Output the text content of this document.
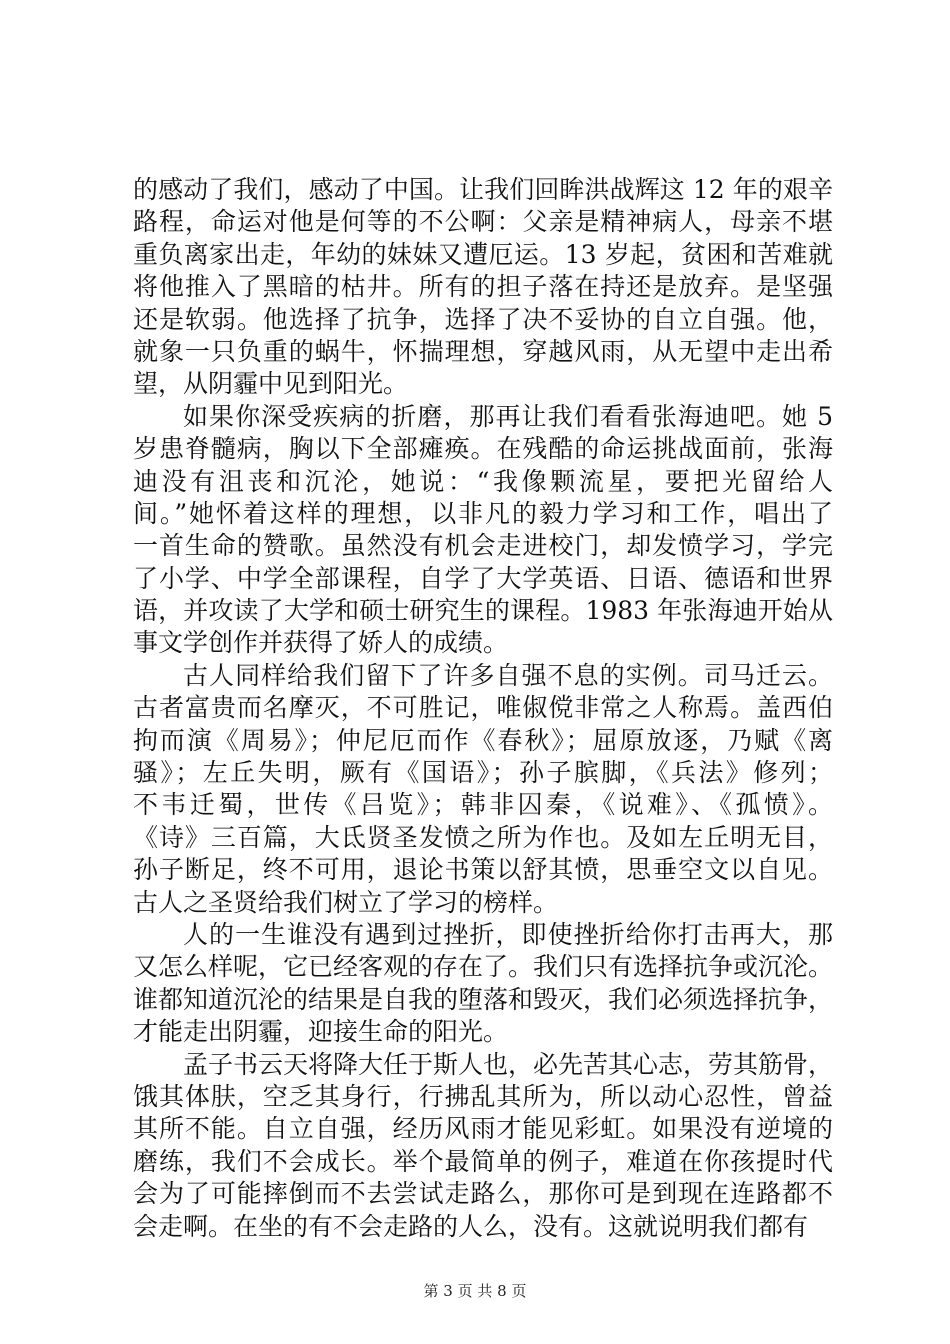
的感动了我们，感动了中国。让我们回眸洪战辉这 12 年的艰辛
路程，命运对他是何等的不公啊：父亲是精神病人，母亲不堪
重负离家出走，年幼的妹妹又遭厄运。13 岁起，贫困和苦难就
将他推入了黑暗的枯井。所有的担子落在持还是放弃。是坚强
还是软弱。他选择了抗争，选择了决不妥协的自立自强。他，
就象一只负重的蜗牛，怀揣理想，穿越风雨，从无望中走出希
望，从阴霾中见到阳光。
如果你深受疾病的折磨，那再让我们看看张海迪吧。她 5
岁患脊髓病，胸以下全部瘫痪。在残酷的命运挑战面前，张海
迪没有沮丧和沉沦，她说：“我像颗流星，要把光留给人
间。”她怀着这样的理想，以非凡的毅力学习和工作，唱出了
一首生命的赞歌。虽然没有机会走进校门，却发愤学习，学完
了小学、中学全部课程，自学了大学英语、日语、德语和世界
语，并攻读了大学和硕士研究生的课程。1983 年张海迪开始从
事文学创作并获得了娇人的成绩。
古人同样给我们留下了许多自强不息的实例。司马迁云。
古者富贵而名摩灭，不可胜记，唯俶傥非常之人称焉。盖西伯
拘而演《周易》；仲尼厄而作《春秋》；屈原放逐，乃赋《离
骚》；左丘失明，厥有《国语》；孙子膑脚，《兵法》修列；
不韦迁蜀，世传《吕览》；韩非囚秦，《说难》、《孤愤》。
《诗》三百篇，大氐贤圣发愤之所为作也。及如左丘明无目，
孙子断足，终不可用，退论书策以舒其愤，思垂空文以自见。
古人之圣贤给我们树立了学习的榜样。
人的一生谁没有遇到过挫折，即使挫折给你打击再大，那
又怎么样呢，它已经客观的存在了。我们只有选择抗争或沉沦。
谁都知道沉沦的结果是自我的堕落和毁灭，我们必须选择抗争，
才能走出阴霾，迎接生命的阳光。
孟子书云天将降大任于斯人也，必先苦其心志，劳其筋骨，
饿其体肤，空乏其身行，行拂乱其所为，所以动心忍性，曾益
其所不能。自立自强，经历风雨才能见彩虹。如果没有逆境的
磨练，我们不会成长。举个最简单的例子，难道在你孩提时代
会为了可能摔倒而不去尝试走路么，那你可是到现在连路都不
会走啊。在坐的有不会走路的人么，没有。这就说明我们都有
第 3 页 共 8 页
